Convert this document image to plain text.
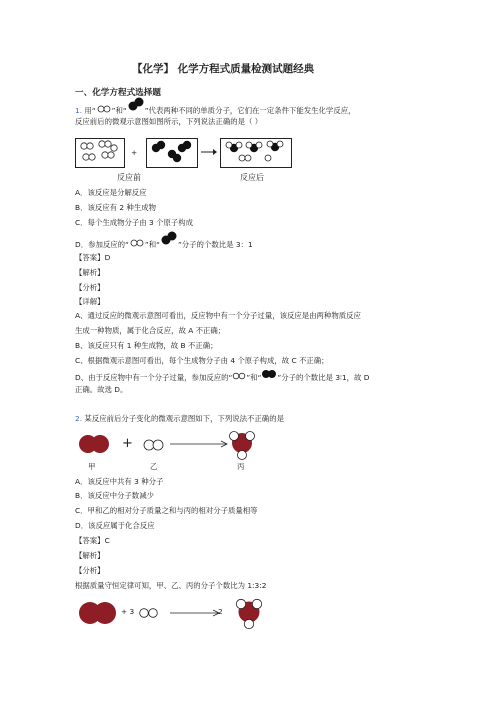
【化学】 化学方程式质量检测试题经典
一、化学方程式选择题
1. 用“ ”和“ ”代表两种不同的单质分子，它们在一定条件下能发生化学反应，
反应前后的微观示意图如图所示，下列说法正确的是（ ）
+
反应前	反应后
A．该反应是分解反应
B．该反应有 2 种生成物
C．每个生成物分子由 3 个原子构成
D．参加反应的“ ”和“ ”分子的个数比是 3：1
【答案】D
【解析】
【分析】
【详解】
A、通过反应的微观示意图可看出，反应物中有一个分子过量，该反应是由两种物质反应
生成一种物质，属于化合反应，故 A 不正确；
B、该反应只有 1 种生成物，故 B 不正确；
C、根据微观示意图可看出，每个生成物分子由 4 个原子构成，故 C 不正确；
D、由于反应物中有一个分子过量，参加反应的“ ”和“ ”分子的个数比是 3∶1，故 D
正确。故选 D。
2. 某反应前后分子变化的微观示意图如下，下列说法不正确的是
+
甲	乙	丙
A．该反应中共有 3 种分子
B．该反应中分子数减少
C．甲和乙的相对分子质量之和与丙的相对分子质量相等
D．该反应属于化合反应
【答案】C
【解析】
【分析】
根据质量守恒定律可知，甲、乙、丙的分子个数比为 1:3:2
+ 3	2
